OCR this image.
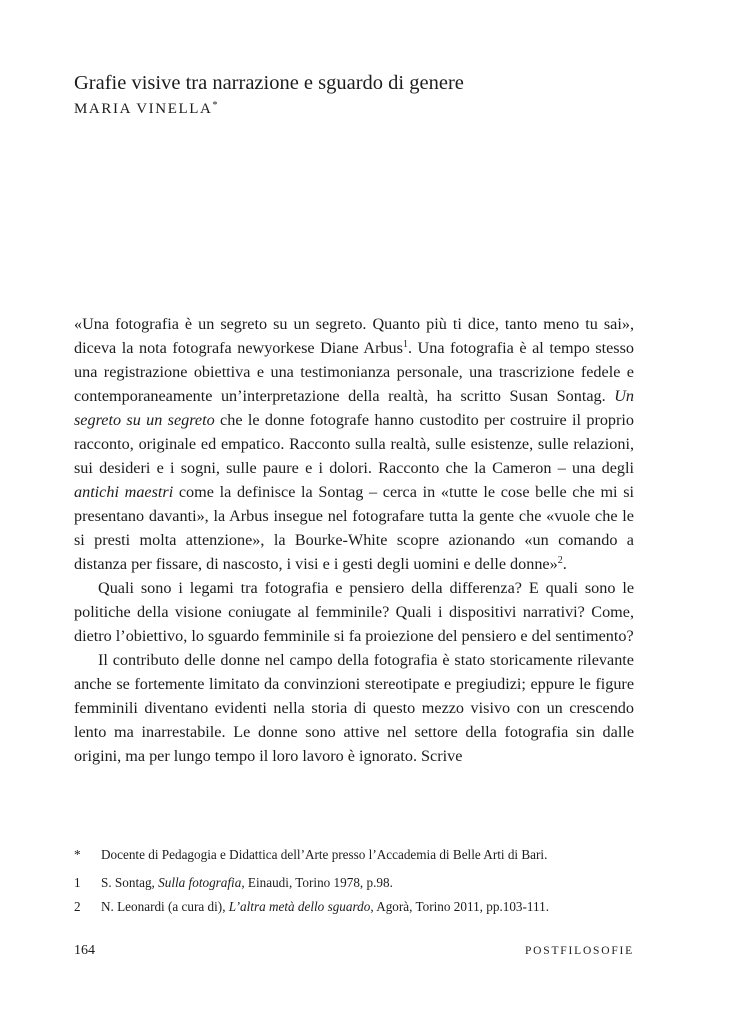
Grafie visive tra narrazione e sguardo di genere
MARIA VINELLA*

«Una fotografia è un segreto su un segreto. Quanto più ti dice, tanto meno tu sai», diceva la nota fotografa newyorkese Diane Arbus$^1$. Una fotografia è al tempo stesso una registrazione obiettiva e una testimonianza personale, una trascrizione fedele e contemporaneamente un’interpretazione della realtà, ha scritto Susan Sontag. Un segreto su un segreto che le donne fotografe hanno custodito per costruire il proprio racconto, originale ed empatico. Racconto sulla realtà, sulle esistenze, sulle relazioni, sui desideri e i sogni, sulle paure e i dolori. Racconto che la Cameron – una degli antichi maestri come la definisce la Sontag – cerca in «tutte le cose belle che mi si presentano davanti», la Arbus insegue nel fotografare tutta la gente che «vuole che le si presti molta attenzione», la Bourke-White scopre azionando «un comando a distanza per fissare, di nascosto, i visi e i gesti degli uomini e delle donne»$^2$.

Quali sono i legami tra fotografia e pensiero della differenza? E quali sono le politiche della visione coniugate al femminile? Quali i dispositivi narrativi? Come, dietro l’obiettivo, lo sguardo femminile si fa proiezione del pensiero e del sentimento?

Il contributo delle donne nel campo della fotografia è stato storicamente rilevante anche se fortemente limitato da convinzioni stereotipate e pregiudizi; eppure le figure femminili diventano evidenti nella storia di questo mezzo visivo con un crescendo lento ma inarrestabile. Le donne sono attive nel settore della fotografia sin dalle origini, ma per lungo tempo il loro lavoro è ignorato. Scrive

* Docente di Pedagogia e Didattica dell’Arte presso l’Accademia di Belle Arti di Bari.
1 S. Sontag, Sulla fotografia, Einaudi, Torino 1978, p.98.
2 N. Leonardi (a cura di), L’altra metà dello sguardo, Agorà, Torino 2011, pp.103-111.
164	POSTFILOSOFIE
